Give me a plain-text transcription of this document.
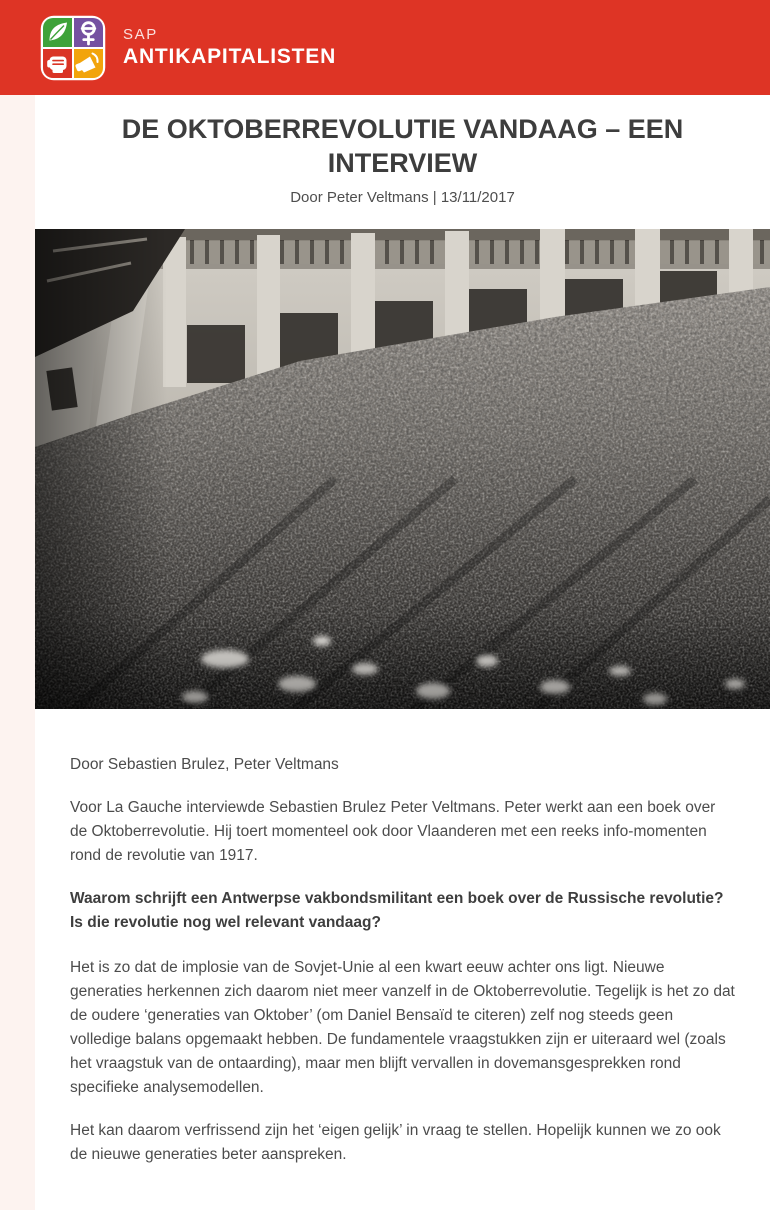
SAP
ANTIKAPITALISTEN
DE OKTOBERREVOLUTIE VANDAAG – EEN INTERVIEW
Door Peter Veltmans | 13/11/2017

Door Sebastien Brulez, Peter Veltmans

Voor La Gauche interviewde Sebastien Brulez Peter Veltmans. Peter werkt aan een boek over de Oktoberrevolutie. Hij toert momenteel ook door Vlaanderen met een reeks info-momenten rond de revolutie van 1917.

Waarom schrijft een Antwerpse vakbondsmilitant een boek over de Russische revolutie? Is die revolutie nog wel relevant vandaag?

Het is zo dat de implosie van de Sovjet-Unie al een kwart eeuw achter ons ligt. Nieuwe generaties herkennen zich daarom niet meer vanzelf in de Oktoberrevolutie. Tegelijk is het zo dat de oudere ‘generaties van Oktober’ (om Daniel Bensaïd te citeren) zelf nog steeds geen volledige balans opgemaakt hebben. De fundamentele vraagstukken zijn er uiteraard wel (zoals het vraagstuk van de ontaarding), maar men blijft vervallen in dovemansgesprekken rond specifieke analysemodellen.

Het kan daarom verfrissend zijn het ‘eigen gelijk’ in vraag te stellen. Hopelijk kunnen we zo ook de nieuwe generaties beter aanspreken.
